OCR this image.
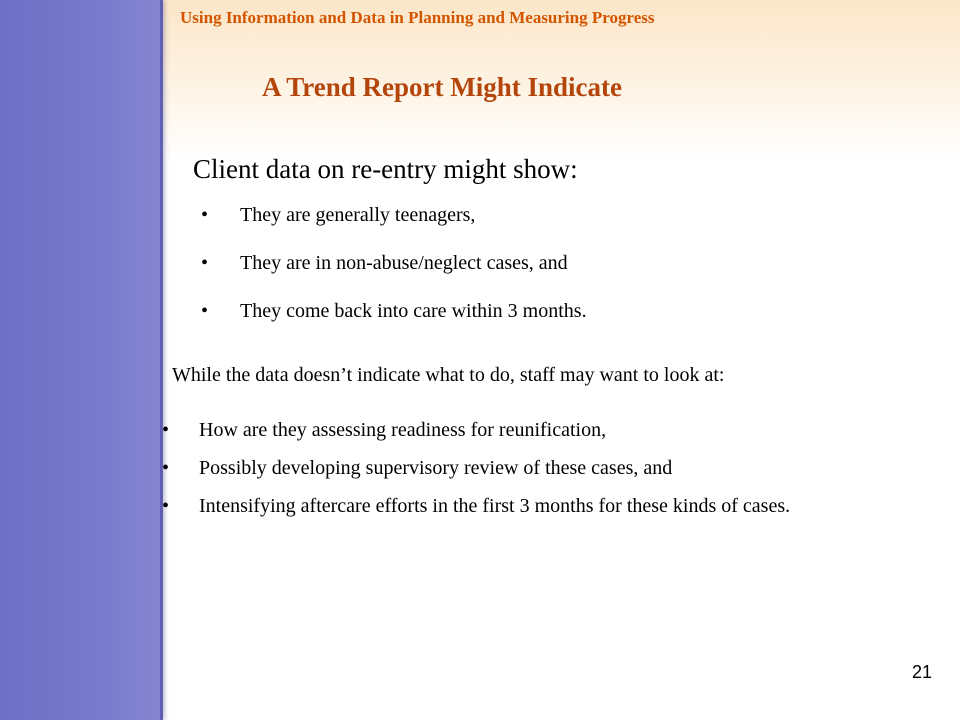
Using Information and Data in Planning and Measuring Progress
A Trend Report Might Indicate
Client data on re-entry might show:
• They are generally teenagers,
• They are in non-abuse/neglect cases, and
• They come back into care within 3 months.
While the data doesn’t indicate what to do, staff may want to look at:
• How are they assessing readiness for reunification,
• Possibly developing supervisory review of these cases, and
• Intensifying aftercare efforts in the first 3 months for these kinds of cases.
21
